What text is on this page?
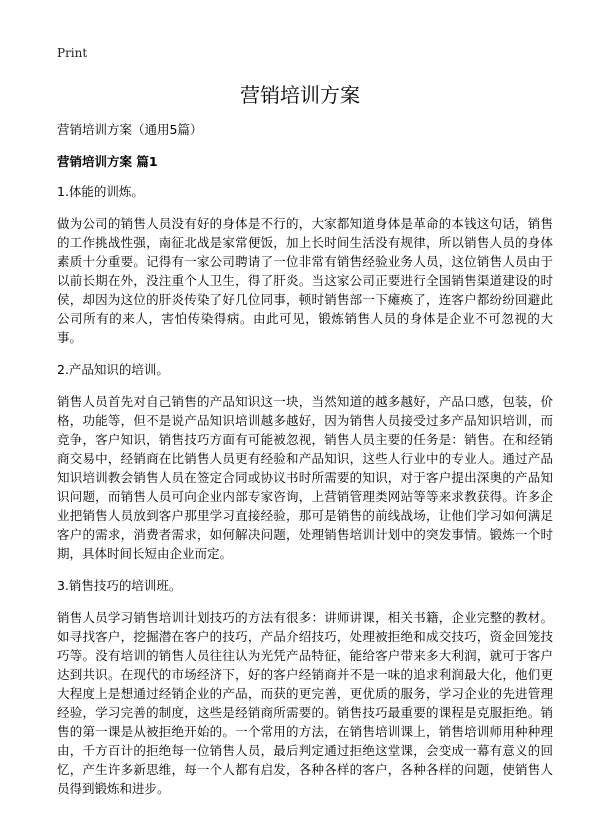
Print
营销培训方案

营销培训方案（通用5篇）

营销培训方案 篇1

1.体能的训炼。

做为公司的销售人员没有好的身体是不行的，大家都知道身体是革命的本钱这句话，销售的工作挑战性强，南征北战是家常便饭，加上长时间生活没有规律，所以销售人员的身体素质十分重要。记得有一家公司聘请了一位非常有销售经验业务人员，这位销售人员由于以前长期在外，没注重个人卫生，得了肝炎。当这家公司正要进行全国销售渠道建设的时侯，却因为这位的肝炎传染了好几位同事，顿时销售部一下瘫痪了，连客户都纷纷回避此公司所有的来人，害怕传染得病。由此可见，锻炼销售人员的身体是企业不可忽视的大事。

2.产品知识的培训。

销售人员首先对自己销售的产品知识这一块，当然知道的越多越好，产品口感，包装，价格，功能等，但不是说产品知识培训越多越好，因为销售人员接受过多产品知识培训，而竞争，客户知识，销售技巧方面有可能被忽视，销售人员主要的任务是：销售。在和经销商交易中，经销商在比销售人员更有经验和产品知识，这些人行业中的专业人。通过产品知识培训教会销售人员在签定合同或协议书时所需要的知识，对于客户提出深奥的产品知识问题，而销售人员可向企业内部专家咨询，上营销管理类网站等等来求教获得。许多企业把销售人员放到客户那里学习直接经验，那可是销售的前线战场，让他们学习如何满足客户的需求，消费者需求，如何解决问题，处理销售培训计划中的突发事情。锻炼一个时期，具体时间长短由企业而定。

3.销售技巧的培训班。

销售人员学习销售培训计划技巧的方法有很多：讲师讲课，相关书籍，企业完整的教材。如寻找客户，挖掘潜在客户的技巧，产品介绍技巧，处理被拒绝和成交技巧，资金回笼技巧等。没有培训的销售人员往往认为光凭产品特征，能给客户带来多大利润，就可于客户达到共识。在现代的市场经济下，好的客户经销商并不是一味的追求利润最大化，他们更大程度上是想通过经销企业的产品，而获的更完善，更优质的服务，学习企业的先进管理经验，学习完善的制度，这些是经销商所需要的。销售技巧最重要的课程是克服拒绝。销售的第一课是从被拒绝开始的。一个常用的方法，在销售培训课上，销售培训师用种种理由，千方百计的拒绝每一位销售人员，最后判定通过拒绝这堂课，会变成一幕有意义的回忆，产生许多新思维，每一个人都有启发，各种各样的客户，各种各样的问题，使销售人员得到锻炼和进步。
